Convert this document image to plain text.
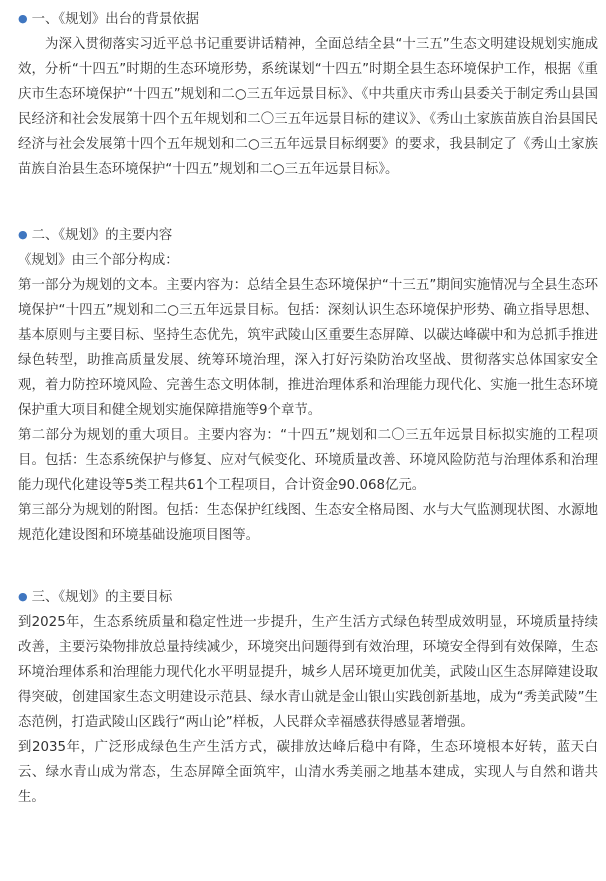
● 一、《规划》出台的背景依据

为深入贯彻落实习近平总书记重要讲话精神，全面总结全县“十三五”生态文明建设规划实施成效，分析“十四五”时期的生态环境形势，系统谋划“十四五”时期全县生态环境保护工作，根据《重庆市生态环境保护“十四五”规划和二○三五年远景目标》、《中共重庆市秀山县委关于制定秀山县国民经济和社会发展第十四个五年规划和二〇三五年远景目标的建议》、《秀山土家族苗族自治县国民经济与社会发展第十四个五年规划和二○三五年远景目标纲要》的要求，我县制定了《秀山土家族苗族自治县生态环境保护“十四五”规划和二○三五年远景目标》。

● 二、《规划》的主要内容

《规划》由三个部分构成：

第一部分为规划的文本。主要内容为：总结全县生态环境保护“十三五”期间实施情况与全县生态环境保护“十四五”规划和二○三五年远景目标。包括：深刻认识生态环境保护形势、确立指导思想、基本原则与主要目标、坚持生态优先，筑牢武陵山区重要生态屏障、以碳达峰碳中和为总抓手推进绿色转型，助推高质量发展、统筹环境治理，深入打好污染防治攻坚战、贯彻落实总体国家安全观，着力防控环境风险、完善生态文明体制，推进治理体系和治理能力现代化、实施一批生态环境保护重大项目和健全规划实施保障措施等9个章节。

第二部分为规划的重大项目。主要内容为：“十四五”规划和二〇三五年远景目标拟实施的工程项目。包括：生态系统保护与修复、应对气候变化、环境质量改善、环境风险防范与治理体系和治理能力现代化建设等5类工程共61个工程项目，合计资金90.068亿元。

第三部分为规划的附图。包括：生态保护红线图、生态安全格局图、水与大气监测现状图、水源地规范化建设图和环境基础设施项目图等。

● 三、《规划》的主要目标

到2025年，生态系统质量和稳定性进一步提升，生产生活方式绿色转型成效明显，环境质量持续改善，主要污染物排放总量持续减少，环境突出问题得到有效治理，环境安全得到有效保障，生态环境治理体系和治理能力现代化水平明显提升，城乡人居环境更加优美，武陵山区生态屏障建设取得突破，创建国家生态文明建设示范县、绿水青山就是金山银山实践创新基地，成为“秀美武陵”生态范例，打造武陵山区践行“两山论”样板，人民群众幸福感获得感显著增强。

到2035年，广泛形成绿色生产生活方式，碳排放达峰后稳中有降，生态环境根本好转，蓝天白云、绿水青山成为常态，生态屏障全面筑牢，山清水秀美丽之地基本建成，实现人与自然和谐共生。
